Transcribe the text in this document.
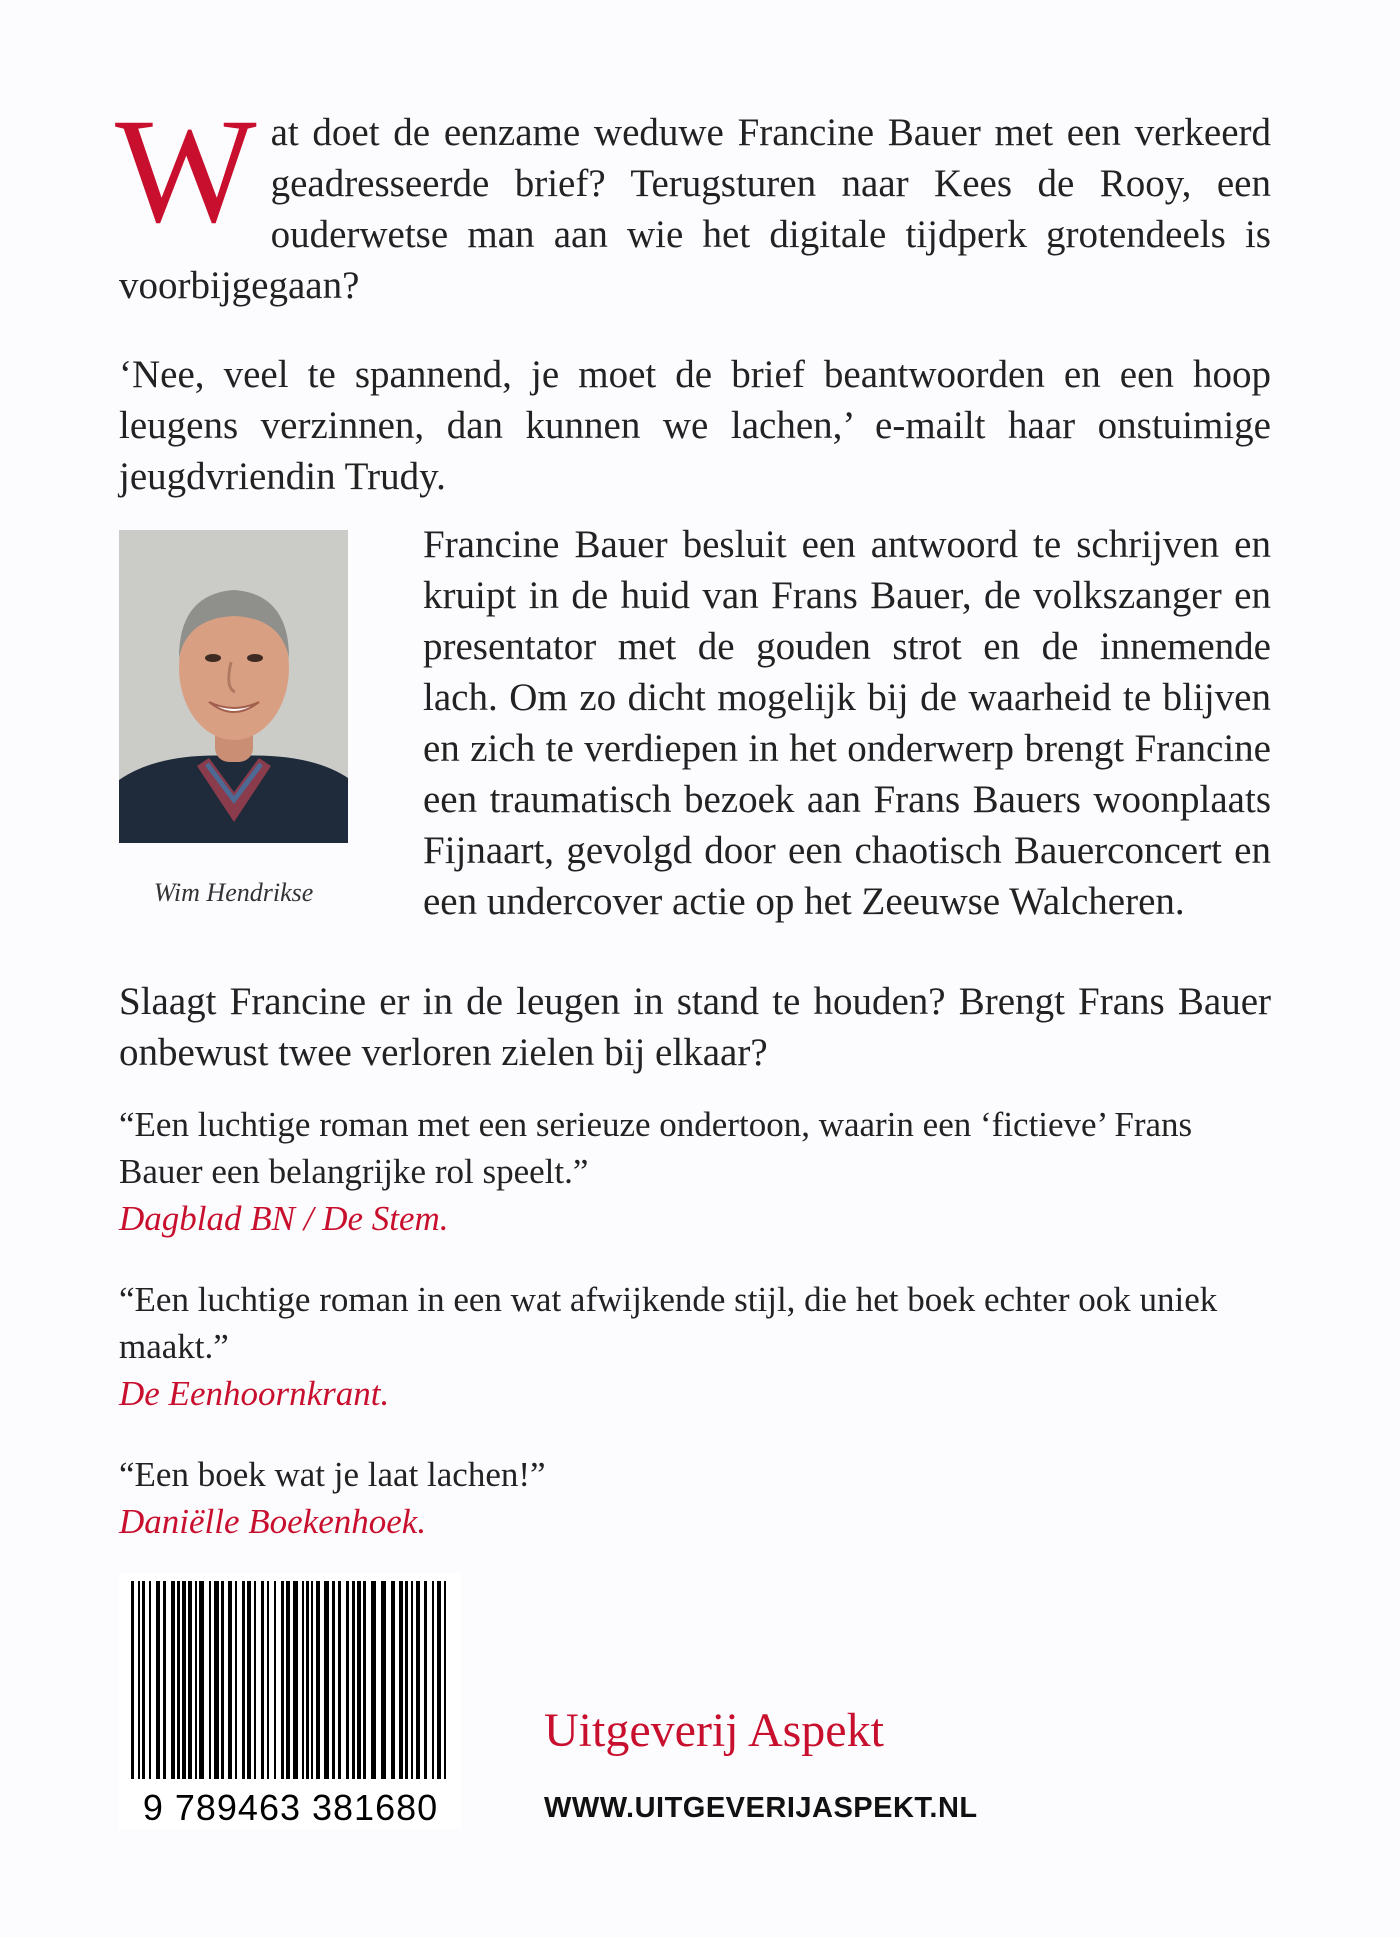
Wat doet de eenzame weduwe Francine Bauer met een verkeerd geadresseerde brief? Terugsturen naar Kees de Rooy, een ouderwetse man aan wie het digitale tijdperk grotendeels is voorbijgegaan?

‘Nee, veel te spannend, je moet de brief beantwoorden en een hoop leugens verzinnen, dan kunnen we lachen,’ e-mailt haar onstuimige jeugdvriendin Trudy.

Wim Hendrikse

Francine Bauer besluit een antwoord te schrijven en kruipt in de huid van Frans Bauer, de volkszanger en presentator met de gouden strot en de innemende lach. Om zo dicht mogelijk bij de waarheid te blijven en zich te verdiepen in het onderwerp brengt Francine een traumatisch bezoek aan Frans Bauers woonplaats Fijnaart, gevolgd door een chaotisch Bauerconcert en een undercover actie op het Zeeuwse Walcheren.

Slaagt Francine er in de leugen in stand te houden? Brengt Frans Bauer onbewust twee verloren zielen bij elkaar?

“Een luchtige roman met een serieuze ondertoon, waarin een ‘fictieve’ Frans Bauer een belangrijke rol speelt.”
Dagblad BN / De Stem.

“Een luchtige roman in een wat afwijkende stijl, die het boek echter ook uniek maakt.”
De Eenhoornkrant.

“Een boek wat je laat lachen!”
Daniëlle Boekenhoek.

9 789463 381680
Uitgeverij Aspekt
WWW.UITGEVERIJASPEKT.NL
